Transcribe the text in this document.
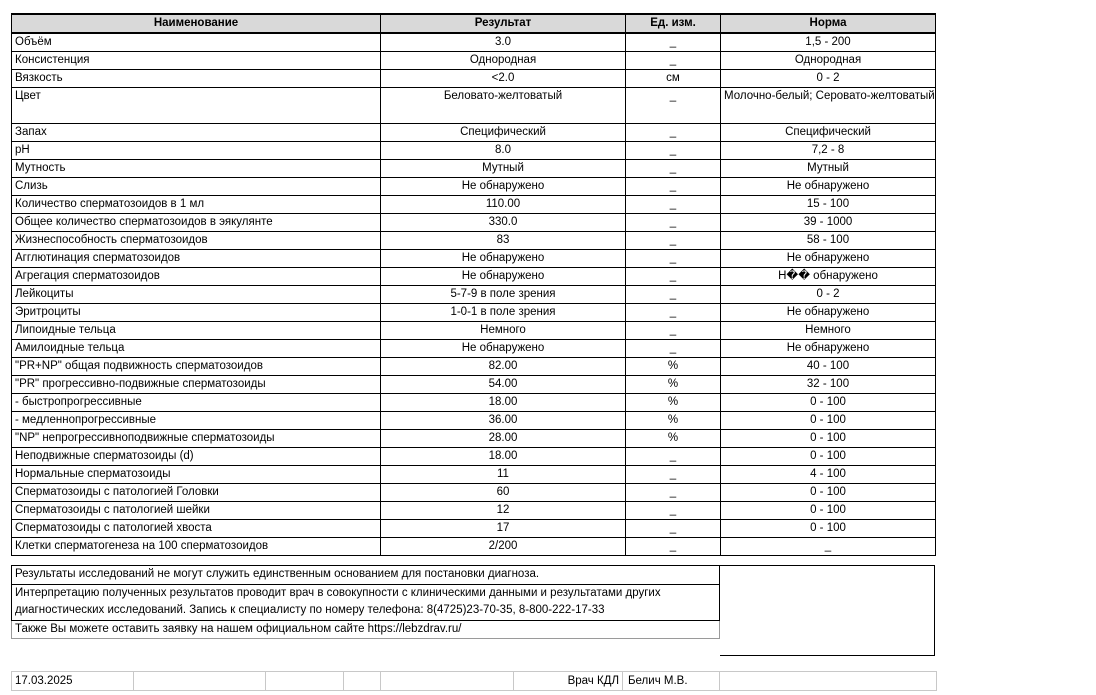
Наименование	Результат	Ед. изм.	Норма
Объём	3.0	_	1,5 - 200
Консистенция	Однородная	_	Однородная
Вязкость	<2.0	см	0 - 2
Цвет	Беловато-желтоватый	_	Молочно-белый; Серовато-желтоватый
Запах	Специфический	_	Специфический
pH	8.0	_	7,2 - 8
Мутность	Мутный	_	Мутный
Слизь	Не обнаружено	_	Не обнаружено
Количество сперматозоидов в 1 мл	110.00	_	15 - 100
Общее количество сперматозоидов в эякулянте	330.0	_	39 - 1000
Жизнеспособность сперматозоидов	83	_	58 - 100
Агглютинация сперматозоидов	Не обнаружено	_	Не обнаружено
Агрегация сперматозоидов	Не обнаружено	_	Н�� обнаружено
Лейкоциты	5-7-9 в поле зрения	_	0 - 2
Эритроциты	1-0-1 в поле зрения	_	Не обнаружено
Липоидные тельца	Немного	_	Немного
Амилоидные тельца	Не обнаружено	_	Не обнаружено
"PR+NP" общая подвижность сперматозоидов	82.00	%	40 - 100
"PR" прогрессивно-подвижные сперматозоиды	54.00	%	32 - 100
- быстропрогрессивные	18.00	%	0 - 100
- медленнопрогрессивные	36.00	%	0 - 100
"NP" непрогрессивноподвижные сперматозоиды	28.00	%	0 - 100
Неподвижные сперматозоиды (d)	18.00	_	0 - 100
Нормальные сперматозоиды	11	_	4 - 100
Сперматозоиды с патологией Головки	60	_	0 - 100
Сперматозоиды с патологией шейки	12	_	0 - 100
Сперматозоиды с патологией хвоста	17	_	0 - 100
Клетки сперматогенеза на 100 сперматозоидов	2/200	_	_
Результаты исследований не могут служить единственным основанием для постановки диагноза.
Интерпретацию полученных результатов проводит врач в совокупности с клиническими данными и результатами других диагностических исследований. Запись к специалисту по номеру телефона: 8(4725)23-70-35, 8-800-222-17-33
Также Вы можете оставить заявку на нашем официальном сайте https://lebzdrav.ru/
17.03.2025	Врач КДЛ Белич М.В.
